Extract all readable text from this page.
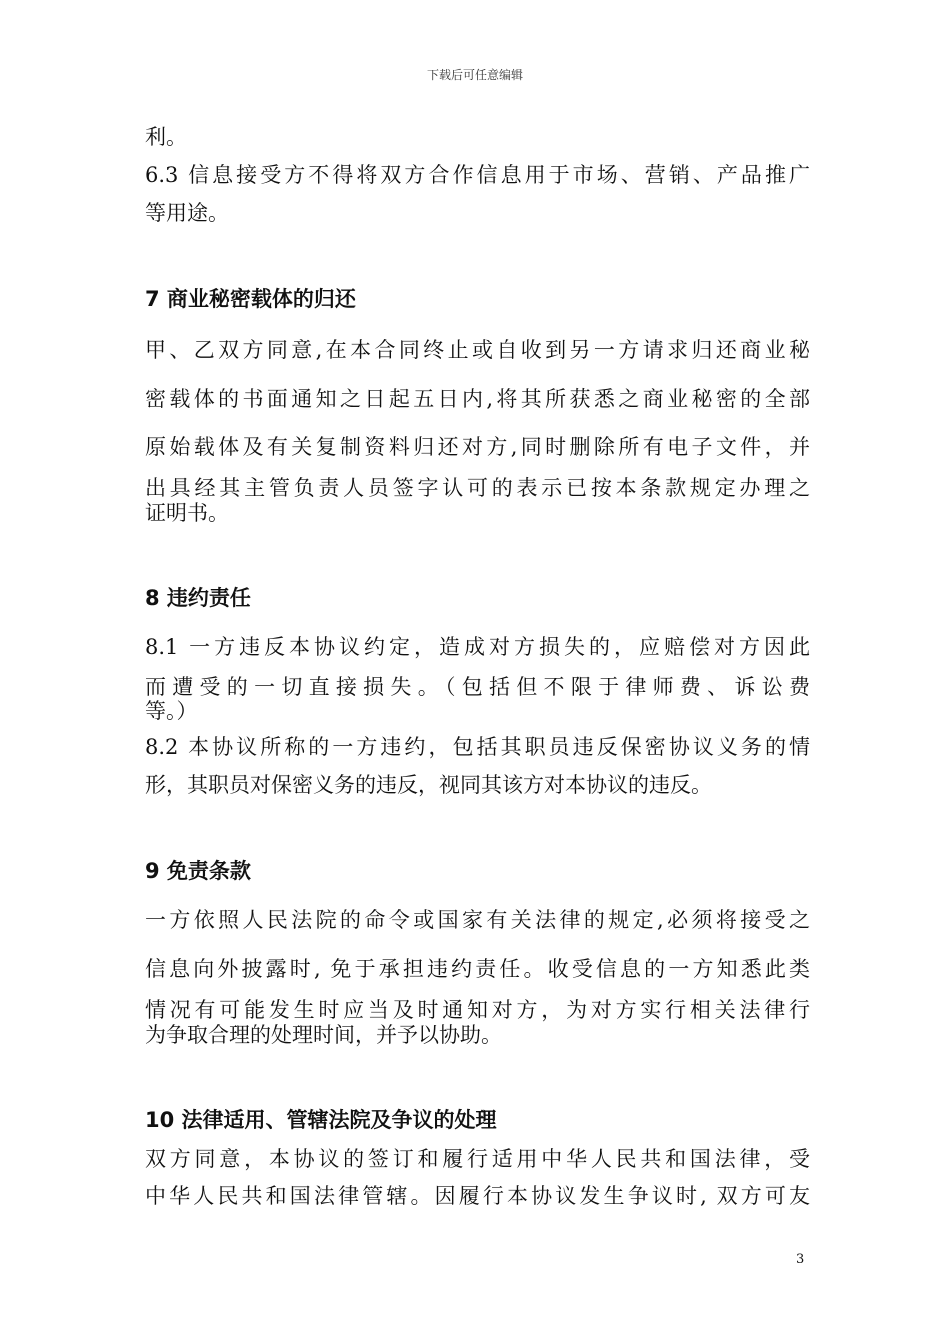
下载后可任意编辑
利。
6.3 信息接受方不得将双方合作信息用于市场、营销、产品推广
等用途。
7 商业秘密载体的归还
甲、乙双方同意,在本合同终止或自收到另一方请求归还商业秘
密载体的书面通知之日起五日内,将其所获悉之商业秘密的全部
原始载体及有关复制资料归还对方,同时删除所有电子文件，并
出具经其主管负责人员签字认可的表示已按本条款规定办理之
证明书。
8 违约责任
8.1 一方违反本协议约定，造成对方损失的，应赔偿对方因此
而遭受的一切直接损失。（包括但不限于律师费、诉讼费
等。）
8.2 本协议所称的一方违约，包括其职员违反保密协议义务的情
形，其职员对保密义务的违反，视同其该方对本协议的违反。
9 免责条款
一方依照人民法院的命令或国家有关法律的规定,必须将接受之
信息向外披露时, 免于承担违约责任。收受信息的一方知悉此类
情况有可能发生时应当及时通知对方，为对方实行相关法律行
为争取合理的处理时间，并予以协助。
10 法律适用、管辖法院及争议的处理
双方同意，本协议的签订和履行适用中华人民共和国法律，受
中华人民共和国法律管辖。因履行本协议发生争议时, 双方可友
3
